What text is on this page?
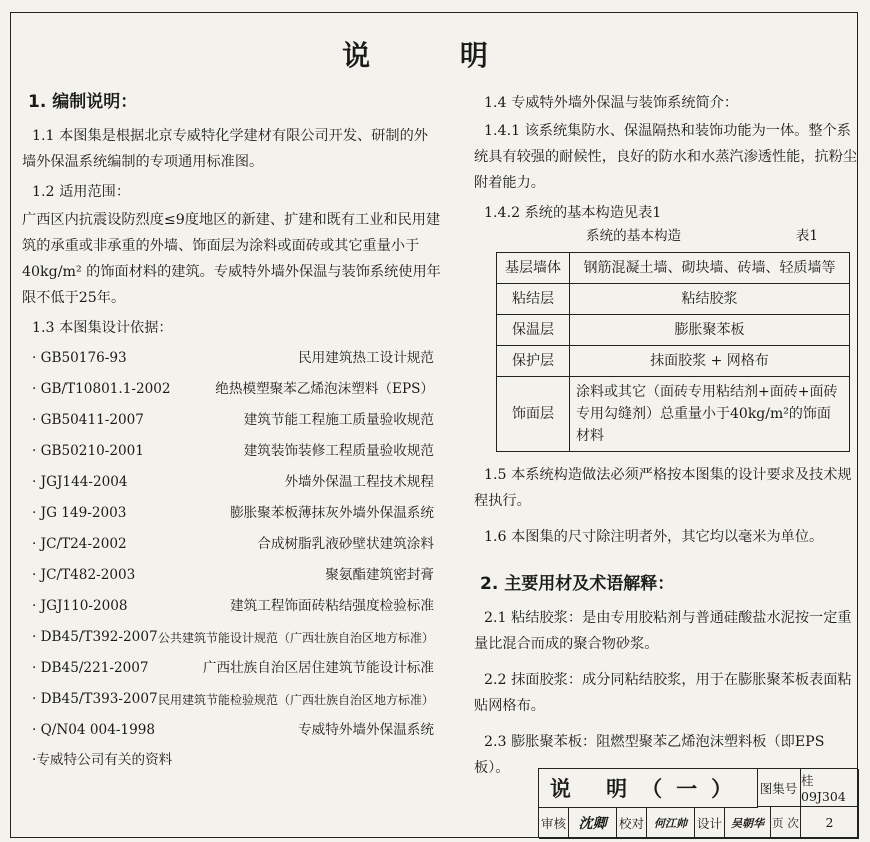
说 明
1. 编制说明：
1.1 本图集是根据北京专威特化学建材有限公司开发、研制的外墙外保温系统编制的专项通用标准图。
1.2 适用范围：
广西区内抗震设防烈度≤9度地区的新建、扩建和既有工业和民用建筑的承重或非承重的外墙、饰面层为涂料或面砖或其它重量小于40kg/m² 的饰面材料的建筑。专威特外墙外保温与装饰系统使用年限不低于25年。
1.3 本图集设计依据：
· GB50176-93	民用建筑热工设计规范
· GB/T10801.1-2002	绝热模塑聚苯乙烯泡沫塑料（EPS）
· GB50411-2007	建筑节能工程施工质量验收规范
· GB50210-2001	建筑装饰装修工程质量验收规范
· JGJ144-2004	外墙外保温工程技术规程
· JG 149-2003	膨胀聚苯板薄抹灰外墙外保温系统
· JC/T24-2002	合成树脂乳液砂壁状建筑涂料
· JC/T482-2003	聚氨酯建筑密封膏
· JGJ110-2008	建筑工程饰面砖粘结强度检验标准
· DB45/T392-2007 公共建筑节能设计规范（广西壮族自治区地方标准）
· DB45/221-2007	广西壮族自治区居住建筑节能设计标准
· DB45/T393-2007 民用建筑节能检验规范（广西壮族自治区地方标准）
· Q/N04 004-1998	专威特外墙外保温系统
· 专威特公司有关的资料
1.4 专威特外墙外保温与装饰系统简介：
1.4.1 该系统集防水、保温隔热和装饰功能为一体。整个系统具有较强的耐候性，良好的防水和水蒸汽渗透性能，抗粉尘附着能力。
1.4.2 系统的基本构造见表1
系统的基本构造	表1
基层墙体	钢筋混凝土墙、砌块墙、砖墙、轻质墙等
粘结层	粘结胶浆
保温层	膨胀聚苯板
保护层	抹面胶浆 + 网格布
饰面层	涂料或其它（面砖专用粘结剂+面砖+面砖专用勾缝剂）总重量小于40kg/m²的饰面材料
1.5 本系统构造做法必须严格按本图集的设计要求及技术规程执行。
1.6 本图集的尺寸除注明者外，其它均以毫米为单位。
2. 主要用材及术语解释：
2.1 粘结胶浆：是由专用胶粘剂与普通硅酸盐水泥按一定重量比混合而成的聚合物砂浆。
2.2 抹面胶浆：成分同粘结胶浆，用于在膨胀聚苯板表面粘贴网格布。
2.3 膨胀聚苯板：阻燃型聚苯乙烯泡沫塑料板（即EPS板）。
说 明（一）	图集号 桂09J304
审核 沈卿 校对 何江帅 设计 吴朝华 页 次	2
